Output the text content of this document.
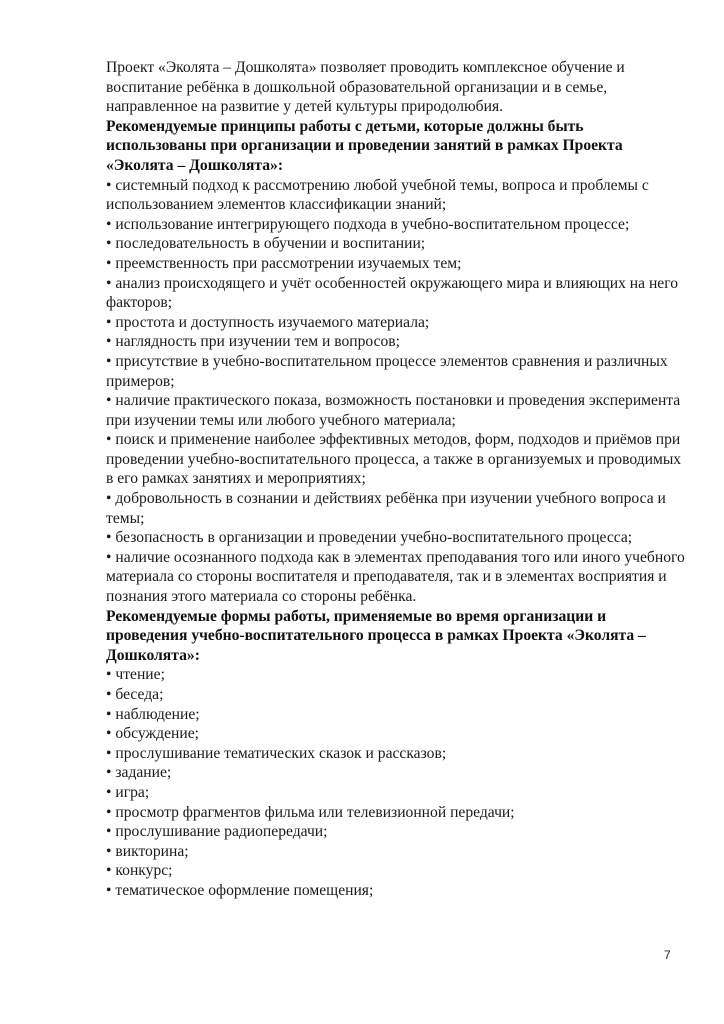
Проект «Эколята – Дошколята» позволяет проводить комплексное обучение и воспитание ребёнка в дошкольной образовательной организации и в семье, направленное на развитие у детей культуры природолюбия.

Рекомендуемые принципы работы с детьми, которые должны быть использованы при организации и проведении занятий в рамках Проекта «Эколята – Дошколята»:

• системный подход к рассмотрению любой учебной темы, вопроса и проблемы с использованием элементов классификации знаний;
• использование интегрирующего подхода в учебно-воспитательном процессе;
• последовательность в обучении и воспитании;
• преемственность при рассмотрении изучаемых тем;
• анализ происходящего и учёт особенностей окружающего мира и влияющих на него факторов;
• простота и доступность изучаемого материала;
• наглядность при изучении тем и вопросов;
• присутствие в учебно-воспитательном процессе элементов сравнения и различных примеров;
• наличие практического показа, возможность постановки и проведения эксперимента при изучении темы или любого учебного материала;
• поиск и применение наиболее эффективных методов, форм, подходов и приёмов при проведении учебно-воспитательного процесса, а также в организуемых и проводимых в его рамках занятиях и мероприятиях;
• добровольность в сознании и действиях ребёнка при изучении учебного вопроса и темы;
• безопасность в организации и проведении учебно-воспитательного процесса;
• наличие осознанного подхода как в элементах преподавания того или иного учебного материала со стороны воспитателя и преподавателя, так и в элементах восприятия и познания этого материала со стороны ребёнка.

Рекомендуемые формы работы, применяемые во время организации и проведения учебно-воспитательного процесса в рамках Проекта «Эколята – Дошколята»:

• чтение;
• беседа;
• наблюдение;
• обсуждение;
• прослушивание тематических сказок и рассказов;
• задание;
• игра;
• просмотр фрагментов фильма или телевизионной передачи;
• прослушивание радиопередачи;
• викторина;
• конкурс;
• тематическое оформление помещения;
7
